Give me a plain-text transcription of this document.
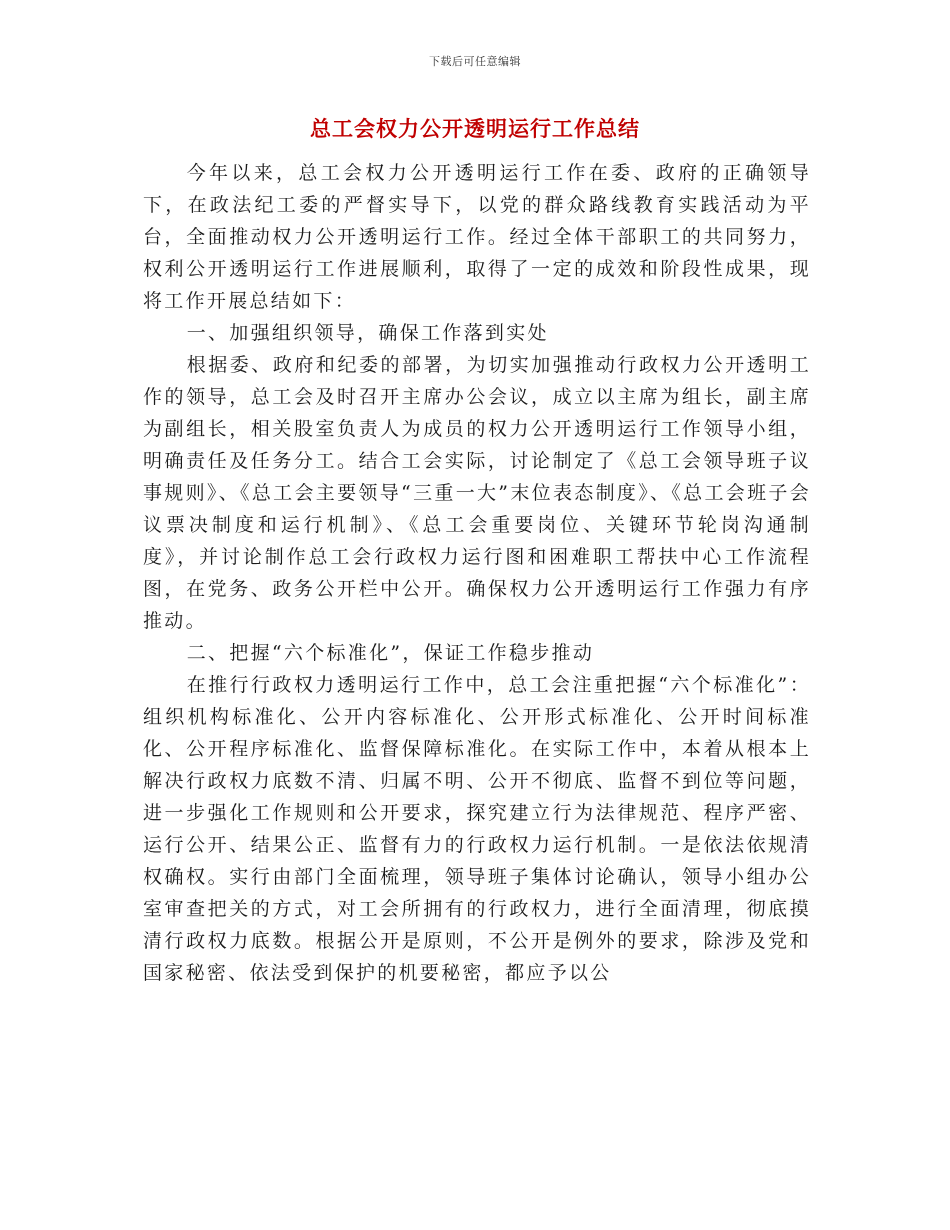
下载后可任意编辑
总工会权力公开透明运行工作总结

今年以来，总工会权力公开透明运行工作在委、政府的正确领导下，在政法纪工委的严督实导下，以党的群众路线教育实践活动为平台，全面推动权力公开透明运行工作。经过全体干部职工的共同努力，权利公开透明运行工作进展顺利，取得了一定的成效和阶段性成果，现将工作开展总结如下：

一、加强组织领导，确保工作落到实处

根据委、政府和纪委的部署，为切实加强推动行政权力公开透明工作的领导，总工会及时召开主席办公会议，成立以主席为组长，副主席为副组长，相关股室负责人为成员的权力公开透明运行工作领导小组，明确责任及任务分工。结合工会实际，讨论制定了《总工会领导班子议事规则》、《总工会主要领导“三重一大”末位表态制度》、《总工会班子会议票决制度和运行机制》、《总工会重要岗位、关键环节轮岗沟通制度》，并讨论制作总工会行政权力运行图和困难职工帮扶中心工作流程图，在党务、政务公开栏中公开。确保权力公开透明运行工作强力有序推动。

二、把握“六个标准化”，保证工作稳步推动

在推行行政权力透明运行工作中，总工会注重把握“六个标准化”：组织机构标准化、公开内容标准化、公开形式标准化、公开时间标准化、公开程序标准化、监督保障标准化。在实际工作中，本着从根本上解决行政权力底数不清、归属不明、公开不彻底、监督不到位等问题，进一步强化工作规则和公开要求，探究建立行为法律规范、程序严密、运行公开、结果公正、监督有力的行政权力运行机制。一是依法依规清权确权。实行由部门全面梳理，领导班子集体讨论确认，领导小组办公室审查把关的方式，对工会所拥有的行政权力，进行全面清理，彻底摸清行政权力底数。根据公开是原则，不公开是例外的要求，除涉及党和国家秘密、依法受到保护的机要秘密，都应予以公
